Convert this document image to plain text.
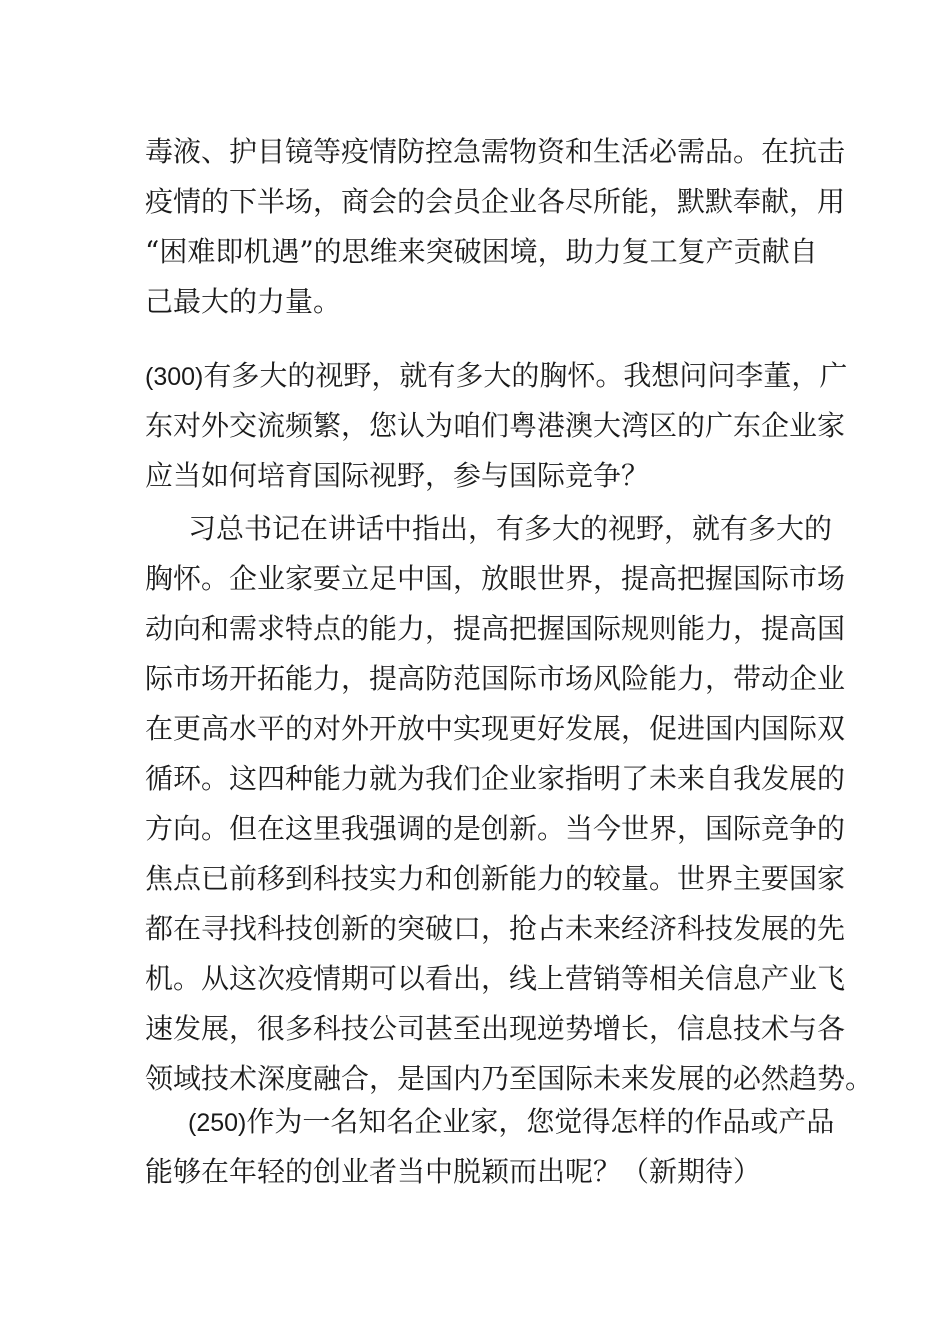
毒液、护目镜等疫情防控急需物资和生活必需品。在抗击
疫情的下半场，商会的会员企业各尽所能，默默奉献，用
“困难即机遇”的思维来突破困境，助力复工复产贡献自
己最大的力量。
(300)有多大的视野，就有多大的胸怀。我想问问李董，广
东对外交流频繁，您认为咱们粤港澳大湾区的广东企业家
应当如何培育国际视野，参与国际竞争？
习总书记在讲话中指出，有多大的视野，就有多大的
胸怀。企业家要立足中国，放眼世界，提高把握国际市场
动向和需求特点的能力，提高把握国际规则能力，提高国
际市场开拓能力，提高防范国际市场风险能力，带动企业
在更高水平的对外开放中实现更好发展，促进国内国际双
循环。这四种能力就为我们企业家指明了未来自我发展的
方向。但在这里我强调的是创新。当今世界，国际竞争的
焦点已前移到科技实力和创新能力的较量。世界主要国家
都在寻找科技创新的突破口，抢占未来经济科技发展的先
机。从这次疫情期可以看出，线上营销等相关信息产业飞
速发展，很多科技公司甚至出现逆势增长，信息技术与各
领域技术深度融合，是国内乃至国际未来发展的必然趋势。
(250)作为一名知名企业家，您觉得怎样的作品或产品
能够在年轻的创业者当中脱颖而出呢？（新期待）
